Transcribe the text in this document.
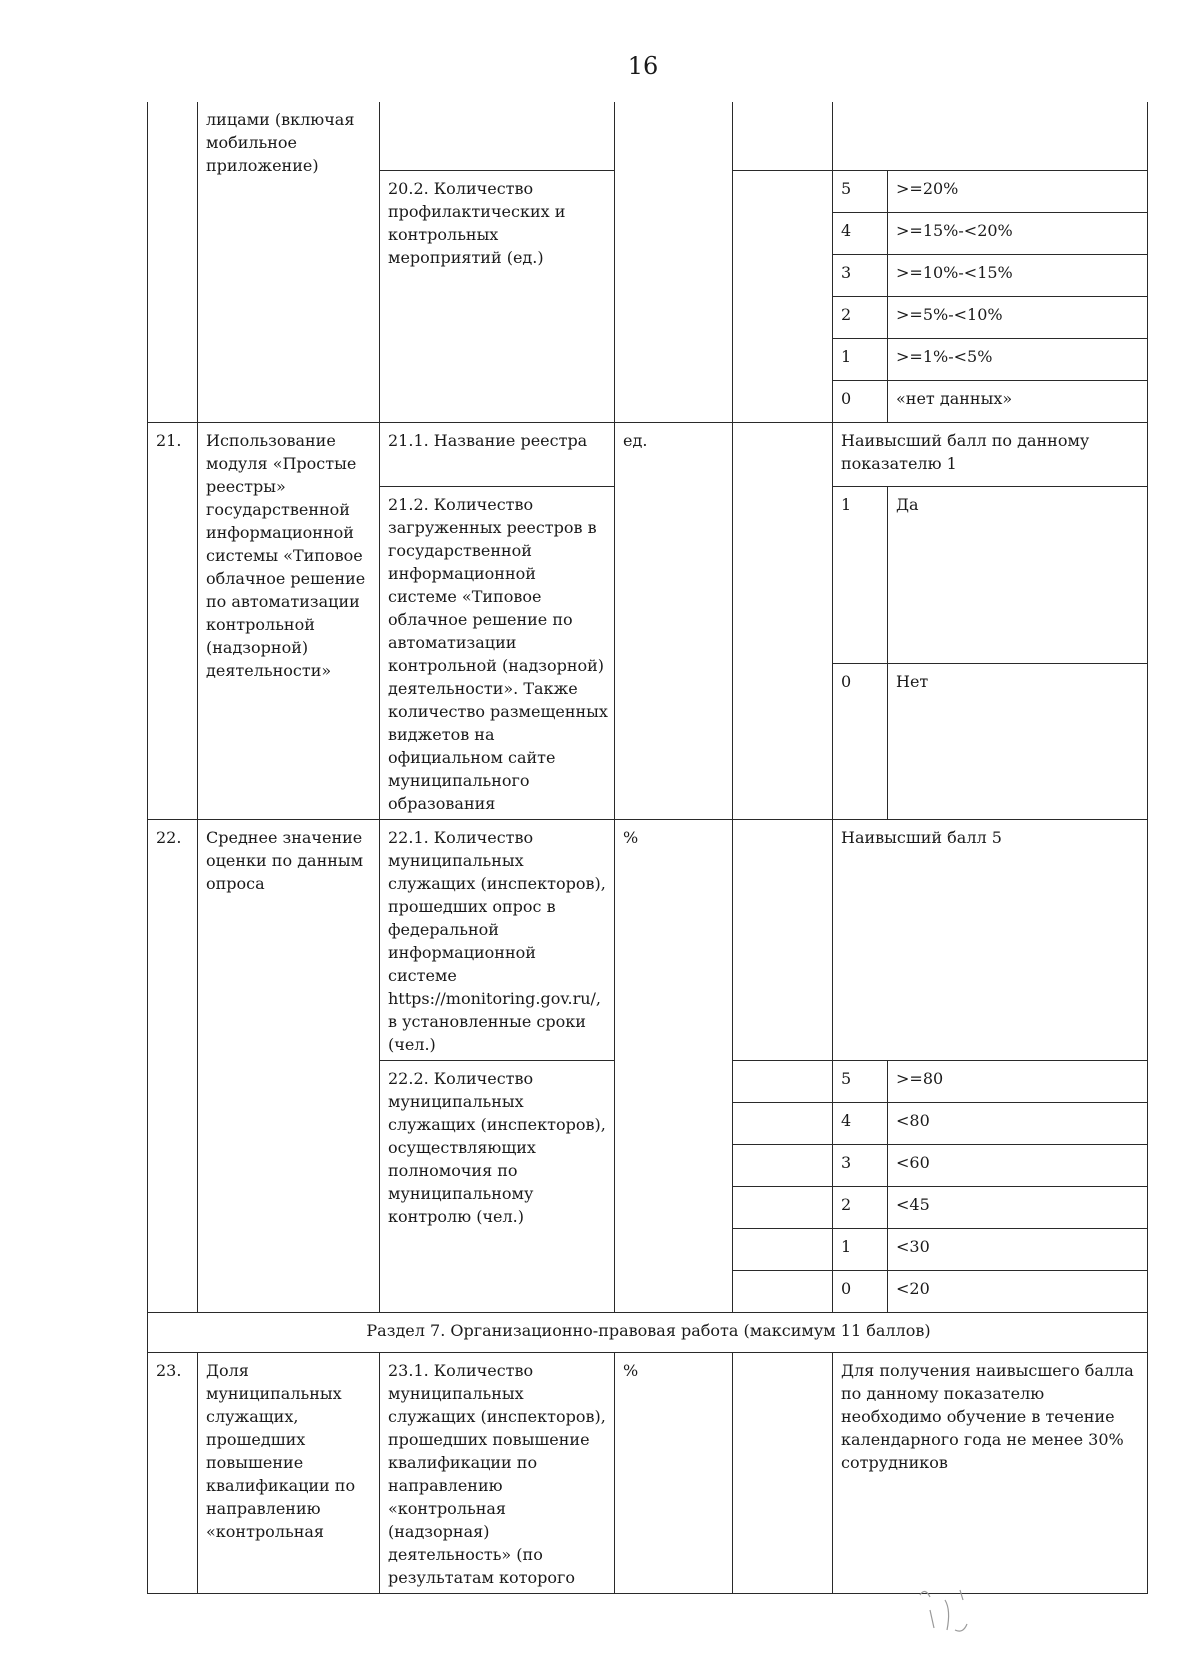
16
	лицами (включая мобильное приложение)					
		20.2. Количество профилактических и контрольных мероприятий (ед.)			5	>=20%
					4	>=15%-<20%
					3	>=10%-<15%
					2	>=5%-<10%
					1	>=1%-<5%
					0	«нет данных»
21.	Использование модуля «Простые реестры» государственной информационной системы «Типовое облачное решение по автоматизации контрольной (надзорной) деятельности»	21.1. Название реестра	ед.		Наивысший балл по данному показателю 1	
		21.2. Количество загруженных реестров в государственной информационной системе «Типовое облачное решение по автоматизации контрольной (надзорной) деятельности». Также количество размещенных виджетов на официальном сайте муниципального образования			1	Да
					0	Нет
22.	Среднее значение оценки по данным опроса	22.1. Количество муниципальных служащих (инспекторов), прошедших опрос в федеральной информационной системе https://monitoring.gov.ru/, в установленные сроки (чел.)	%		Наивысший балл 5	
		22.2. Количество муниципальных служащих (инспекторов), осуществляющих полномочия по муниципальному контролю (чел.)			5	>=80
					4	<80
					3	<60
					2	<45
					1	<30
					0	<20
Раздел 7. Организационно-правовая работа (максимум 11 баллов)						
23.	Доля муниципальных служащих, прошедших повышение квалификации по направлению «контрольная	23.1. Количество муниципальных служащих (инспекторов), прошедших повышение квалификации по направлению «контрольная (надзорная) деятельность» (по результатам которого	%		Для получения наивысшего балла по данному показателю необходимо обучение в течение календарного года не менее 30% сотрудников	
